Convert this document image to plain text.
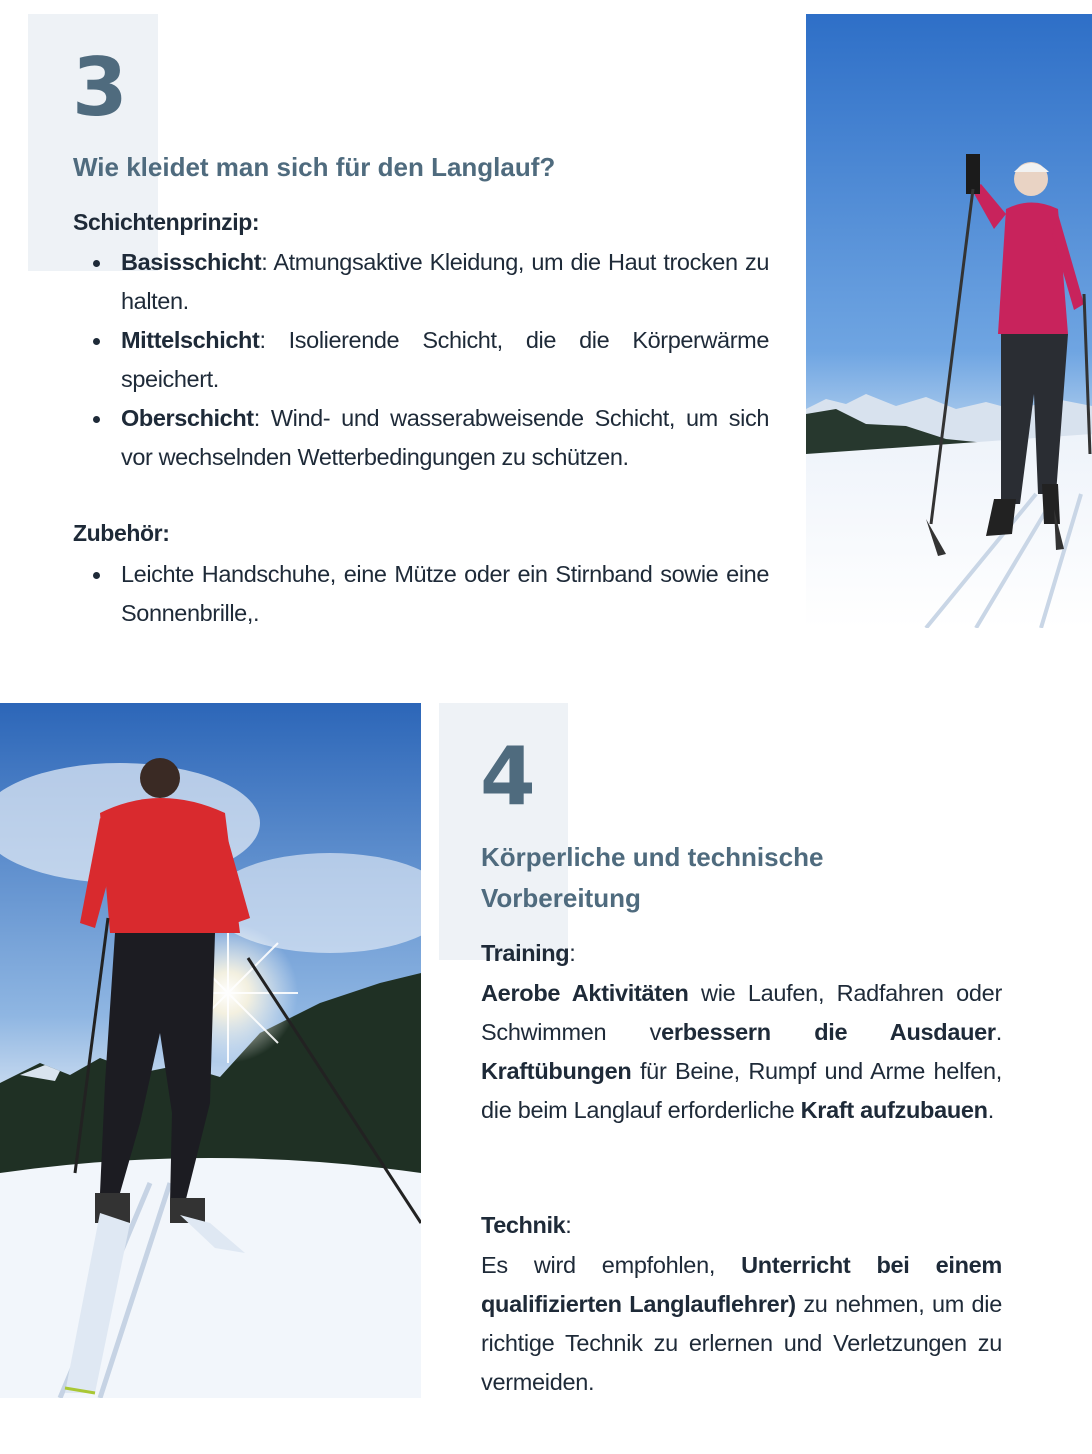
3
Wie kleidet man sich für den Langlauf?
Schichtenprinzip:
Basisschicht: Atmungsaktive Kleidung, um die Haut trocken zu halten.
Mittelschicht: Isolierende Schicht, die die Körperwärme speichert.
Oberschicht: Wind- und wasserabweisende Schicht, um sich vor wechselnden Wetterbedingungen zu schützen.
Zubehör:
Leichte Handschuhe, eine Mütze oder ein Stirnband sowie eine Sonnenbrille,.
4
Körperliche und technische
Vorbereitung
Training:
Aerobe Aktivitäten wie Laufen, Radfahren oder Schwimmen verbessern die Ausdauer. Kraftübungen für Beine, Rumpf und Arme helfen, die beim Langlauf erforderliche Kraft aufzubauen.
Technik:
Es wird empfohlen, Unterricht bei einem qualifizierten Langlauflehrer) zu nehmen, um die richtige Technik zu erlernen und Verletzungen zu vermeiden.
